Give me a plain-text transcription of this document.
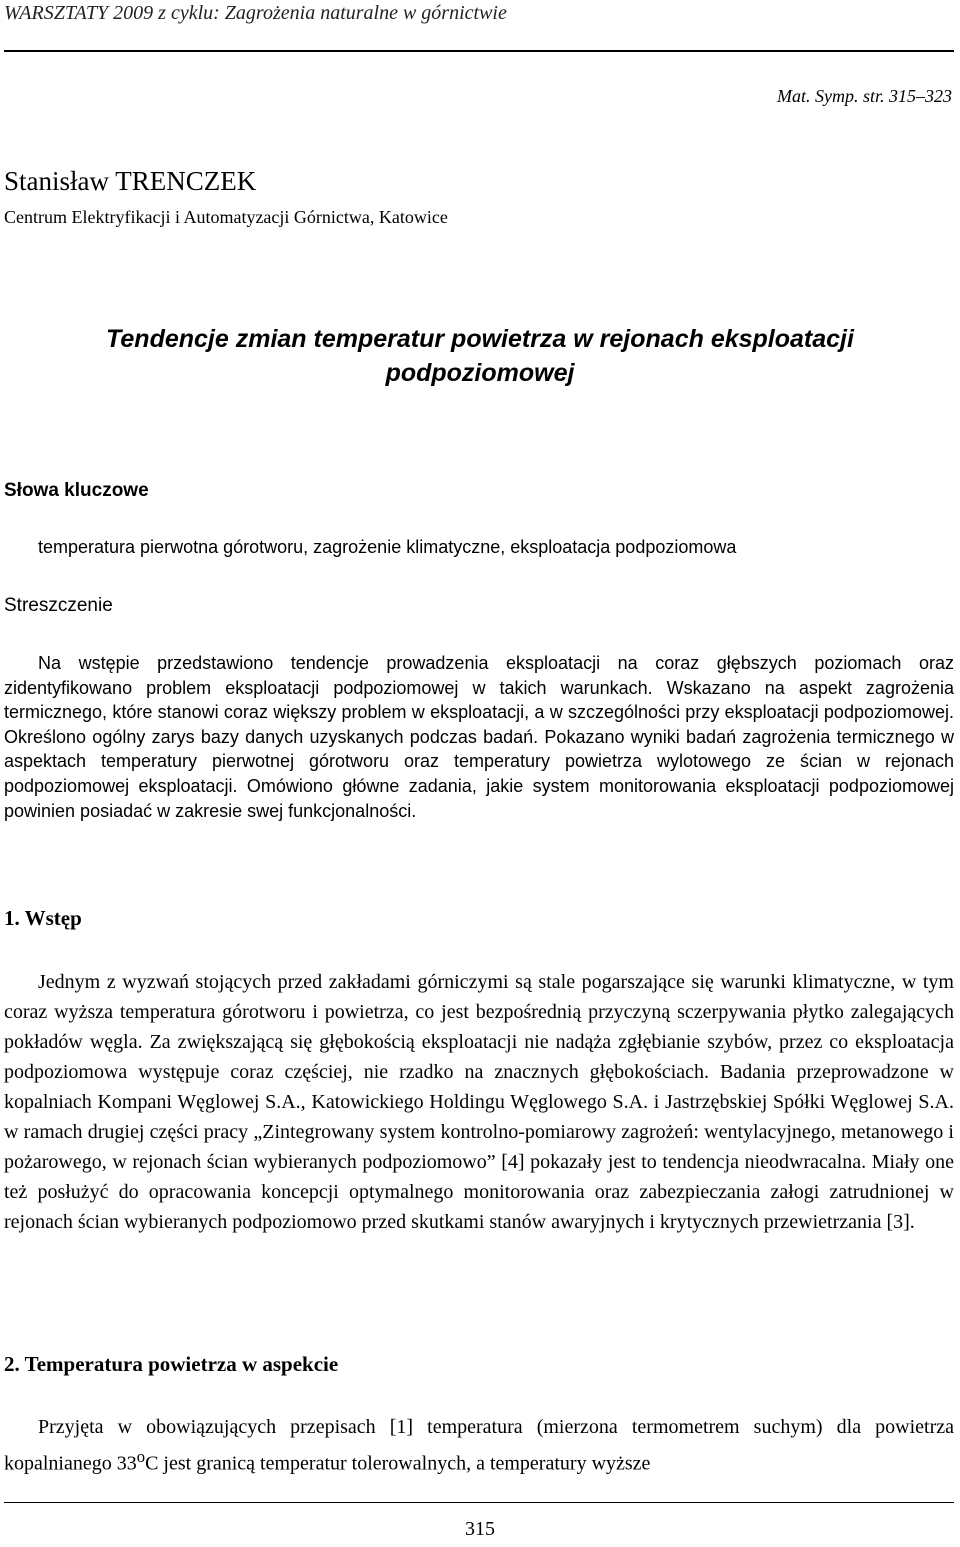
WARSZTATY 2009 z cyklu: Zagrożenia naturalne w górnictwie
Mat. Symp. str. 315–323
Stanisław TRENCZEK
Centrum Elektryfikacji i Automatyzacji Górnictwa, Katowice
Tendencje zmian temperatur powietrza w rejonach eksploatacji
podpoziomowej
Słowa kluczowe
temperatura pierwotna górotworu, zagrożenie klimatyczne, eksploatacja podpoziomowa
Streszczenie

Na wstępie przedstawiono tendencje prowadzenia eksploatacji na coraz głębszych poziomach oraz zidentyfikowano problem eksploatacji podpoziomowej w takich warunkach. Wskazano na aspekt zagrożenia termicznego, które stanowi coraz większy problem w eksploatacji, a w szczególności przy eksploatacji podpoziomowej. Określono ogólny zarys bazy danych uzyskanych podczas badań. Pokazano wyniki badań zagrożenia termicznego w aspektach temperatury pierwotnej górotworu oraz temperatury powietrza wylotowego ze ścian w rejonach podpoziomowej eksploatacji. Omówiono główne zadania, jakie system monitorowania eksploatacji podpoziomowej powinien posiadać w zakresie swej funkcjonalności.

1. Wstęp

Jednym z wyzwań stojących przed zakładami górniczymi są stale pogarszające się warunki klimatyczne, w tym coraz wyższa temperatura górotworu i powietrza, co jest bezpośrednią przyczyną sczerpywania płytko zalegających pokładów węgla. Za zwiększającą się głębokością eksploatacji nie nadąża zgłębianie szybów, przez co eksploatacja podpoziomowa występuje coraz częściej, nie rzadko na znacznych głębokościach. Badania przeprowadzone w kopalniach Kompani Węglowej S.A., Katowickiego Holdingu Węglowego S.A. i Jastrzębskiej Spółki Węglowej S.A. w ramach drugiej części pracy „Zintegrowany system kontrolno-pomiarowy zagrożeń: wentylacyjnego, metanowego i pożarowego, w rejonach ścian wybieranych podpoziomowo” [4] pokazały jest to tendencja nieodwracalna. Miały one też posłużyć do opracowania koncepcji optymalnego monitorowania oraz zabezpieczania załogi zatrudnionej w rejonach ścian wybieranych podpoziomowo przed skutkami stanów awaryjnych i krytycznych przewietrzania [3].

2. Temperatura powietrza w aspekcie

Przyjęta w obowiązujących przepisach [1] temperatura (mierzona termometrem suchym) dla powietrza kopalnianego 33$^o$C jest granicą temperatur tolerowalnych, a temperatury wyższe

315
